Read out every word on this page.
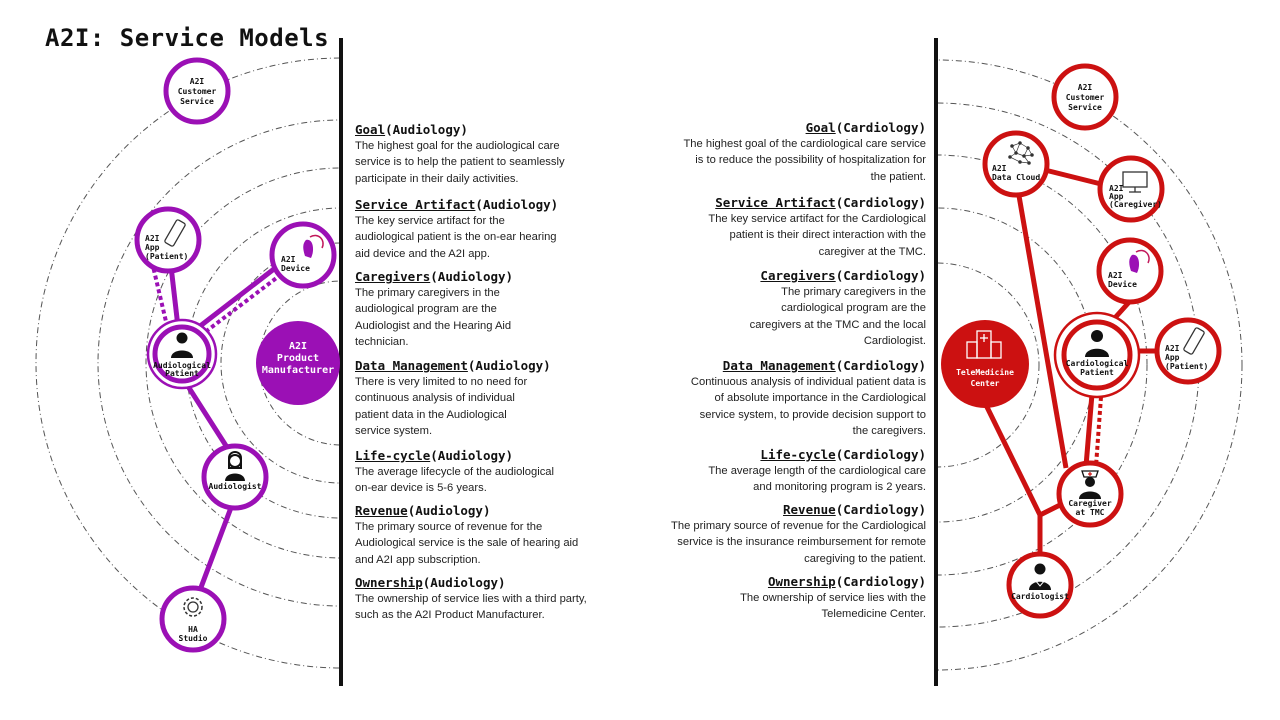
A2I: Service Models
A2I
Customer
Service
A2I
App
(Patient)	A2I
Device
Audiological
Patient
A2I
Product
Manufacturer
Audiologist
HA
Studio
A2I
Customer
Service
A2I
Data Cloud
A2I
App
(Caregiver)
A2I
Device
TeleMedicine
Center
Cardiological
Patient
A2I
App
(Patient)
Caregiver
at TMC
Cardiologist
Goal(Audiology)
The highest goal for the audiological care
service is to help the patient to seamlessly
participate in their daily activities.
Service Artifact(Audiology)
The key service artifact for the
audiological patient is the on-ear hearing
aid device and the A2I app.
Caregivers(Audiology)
The primary caregivers in the
audiological program are the
Audiologist and the Hearing Aid
technician.
Data Management(Audiology)
There is very limited to no need for
continuous analysis of individual
patient data in the Audiological
service system.
Life-cycle(Audiology)
The average lifecycle of the audiological
on-ear device is 5-6 years.
Revenue(Audiology)
The primary source of revenue for the
Audiological service is the sale of hearing aid
and A2I app subscription.
Ownership(Audiology)
The ownership of service lies with a third party,
such as the A2I Product Manufacturer.
Goal(Cardiology)
The highest goal of the cardiological care service
is to reduce the possibility of hospitalization for
the patient.
Service Artifact(Cardiology)
The key service artifact for the Cardiological
patient is their direct interaction with the
caregiver at the TMC.
Caregivers(Cardiology)
The primary caregivers in the
cardiological program are the
caregivers at the TMC and the local
Cardiologist.
Data Management(Cardiology)
Continuous analysis of individual patient data is
of absolute importance in the Cardiological
service system, to provide decision support to
the caregivers.
Life-cycle(Cardiology)
The average length of the cardiological care
and monitoring program is 2 years.
Revenue(Cardiology)
The primary source of revenue for the Cardiological
service is the insurance reimbursement for remote
caregiving to the patient.
Ownership(Cardiology)
The ownership of service lies with the
Telemedicine Center.
